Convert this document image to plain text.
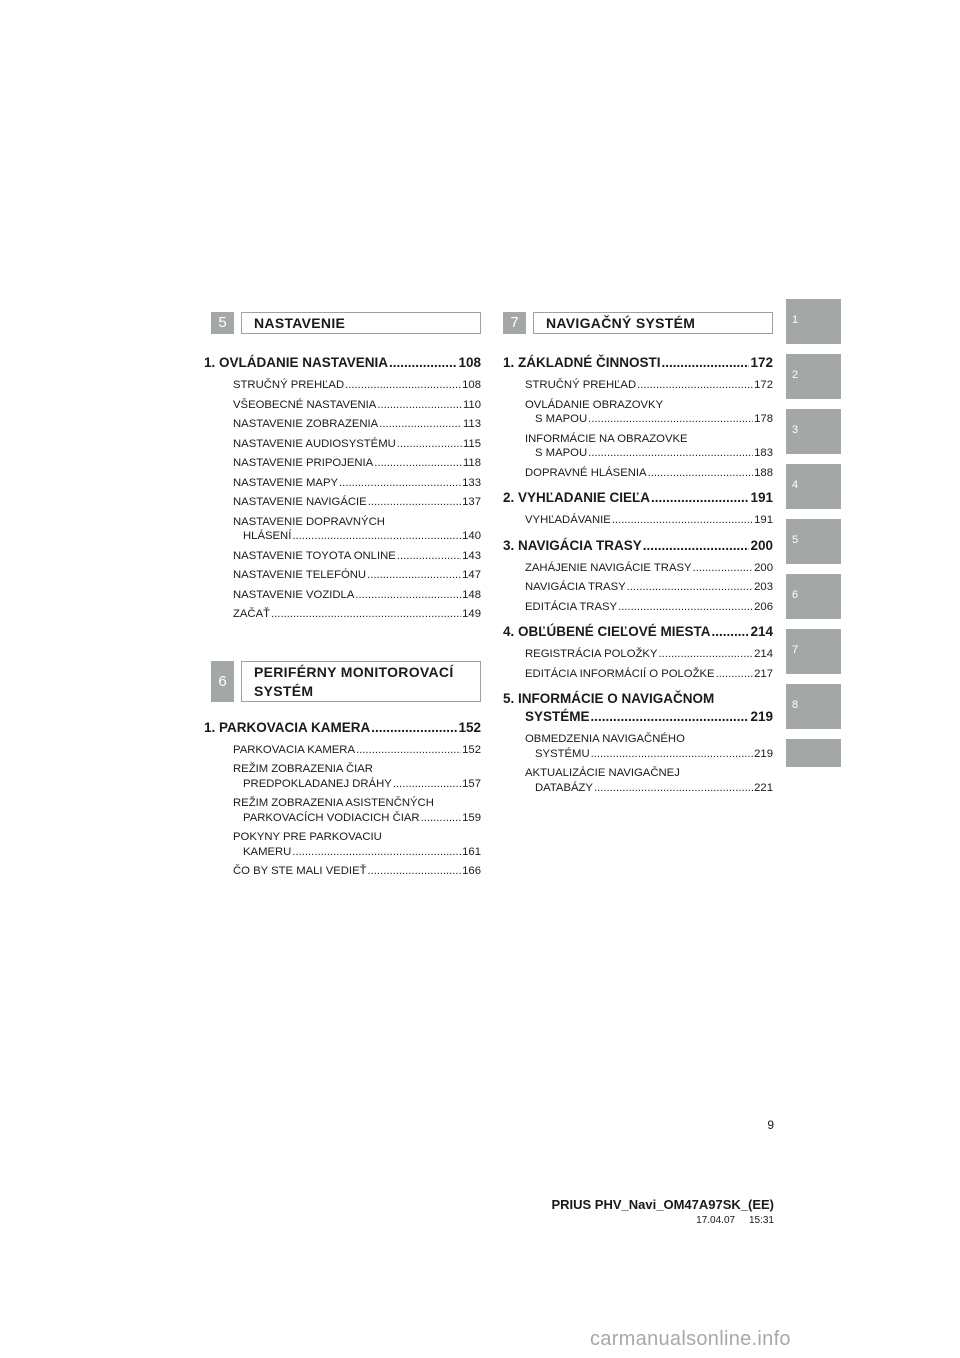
5	NASTAVENIE
1. OVLÁDANIE NASTAVENIA .....	108
STRUČNÝ PREHĽAD .....	108
VŠEOBECNÉ NASTAVENIA .....	110
NASTAVENIE ZOBRAZENIA .....	113
NASTAVENIE AUDIOSYSTÉMU .....	115
NASTAVENIE PRIPOJENIA .....	118
NASTAVENIE MAPY .....	133
NASTAVENIE NAVIGÁCIE .....	137
NASTAVENIE DOPRAVNÝCH
HLÁSENÍ .....	140
NASTAVENIE TOYOTA ONLINE .....	143
NASTAVENIE TELEFÓNU .....	147
NASTAVENIE VOZIDLA .....	148
ZAČAŤ .....	149
6
PERIFÉRNY MONITOROVACÍ
SYSTÉM
1. PARKOVACIA KAMERA .....	152
PARKOVACIA KAMERA .....	152
REŽIM ZOBRAZENIA ČIAR
PREDPOKLADANEJ DRÁHY .....	157
REŽIM ZOBRAZENIA ASISTENČNÝCH
PARKOVACÍCH VODIACICH ČIAR .....	159
POKYNY PRE PARKOVACIU
KAMERU .....	161
ČO BY STE MALI VEDIEŤ .....	166
7	NAVIGAČNÝ SYSTÉM
1. ZÁKLADNÉ ČINNOSTI .....	172
STRUČNÝ PREHĽAD .....	172
OVLÁDANIE OBRAZOVKY
S MAPOU .....	178
INFORMÁCIE NA OBRAZOVKE
S MAPOU .....	183
DOPRAVNÉ HLÁSENIA .....	188
2. VYHĽADANIE CIEĽA .....	191
VYHĽADÁVANIE .....	191
3. NAVIGÁCIA TRASY .....	200
ZAHÁJENIE NAVIGÁCIE TRASY .....	200
NAVIGÁCIA TRASY .....	203
EDITÁCIA TRASY .....	206
4. OBĽÚBENÉ CIEĽOVÉ MIESTA .....	214
REGISTRÁCIA POLOŽKY .....	214
EDITÁCIA INFORMÁCIÍ O POLOŽKE .....	217
5. INFORMÁCIE O NAVIGAČNOM
SYSTÉME .....	219
OBMEDZENIA NAVIGAČNÉHO
SYSTÉMU .....	219
AKTUALIZÁCIE NAVIGAČNEJ
DATABÁZY .....	221
1
2
3
4
5
6
7
8
9
PRIUS PHV_Navi_OM47A97SK_(EE)
17.04.07     15:31
carmanualsonline.info
